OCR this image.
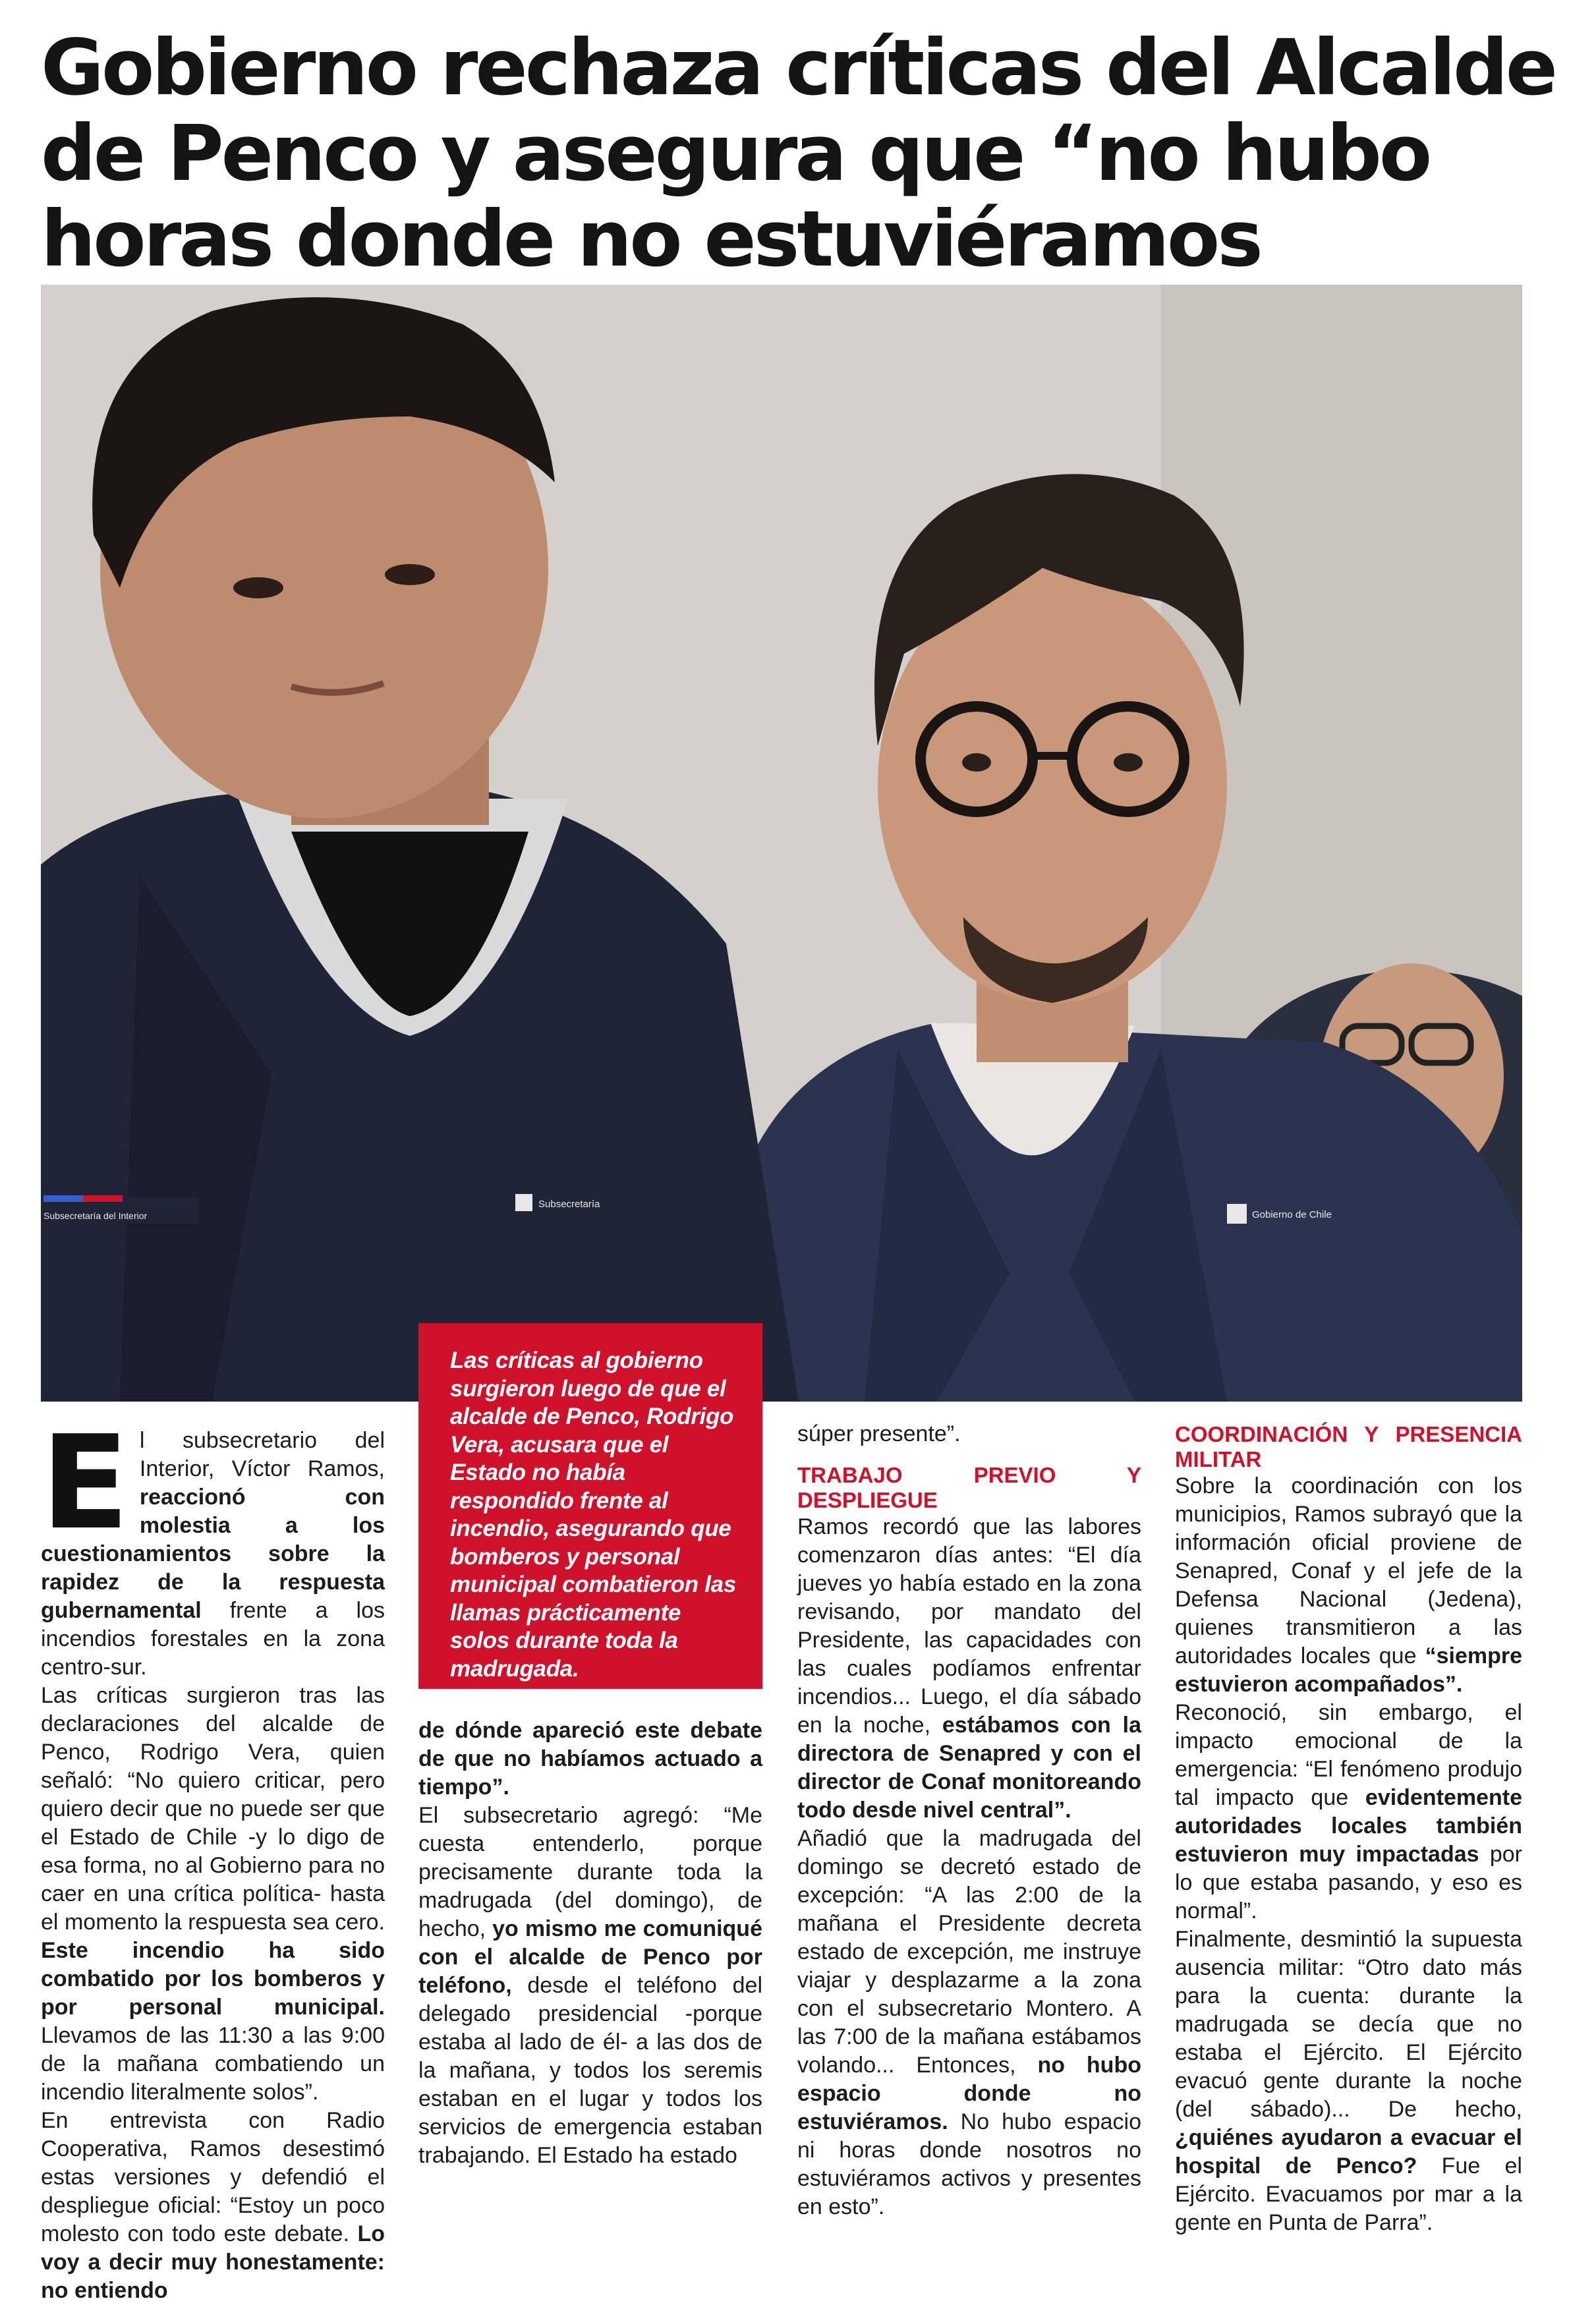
Gobierno rechaza críticas del Alcalde de Penco y asegura que “no hubo horas donde no estuviéramos
Subsecretaría del Interior
Subsecretaría
Gobierno de Chile

Las críticas al gobierno surgieron luego de que el alcalde de Penco, Rodrigo Vera, acusara que el Estado no había respondido frente al incendio, asegurando que bomberos y personal municipal combatieron las llamas prácticamente solos durante toda la madrugada.

El subsecretario del Interior, Víctor Ramos, reaccionó con molestia a los cuestionamientos sobre la rapidez de la respuesta gubernamental frente a los incendios forestales en la zona centro-sur.

Las críticas surgieron tras las declaraciones del alcalde de Penco, Rodrigo Vera, quien señaló: “No quiero criticar, pero quiero decir que no puede ser que el Estado de Chile -y lo digo de esa forma, no al Gobierno para no caer en una crítica política- hasta el momento la respuesta sea cero. Este incendio ha sido combatido por los bomberos y por personal municipal. Llevamos de las 11:30 a las 9:00 de la mañana combatiendo un incendio literalmente solos”.

En entrevista con Radio Cooperativa, Ramos desestimó estas versiones y defendió el despliegue oficial: “Estoy un poco molesto con todo este debate. Lo voy a decir muy honestamente: no entiendo

de dónde apareció este debate de que no habíamos actuado a tiempo”.

El subsecretario agregó: “Me cuesta entenderlo, porque precisamente durante toda la madrugada (del domingo), de hecho, yo mismo me comuniqué con el alcalde de Penco por teléfono, desde el teléfono del delegado presidencial -porque estaba al lado de él- a las dos de la mañana, y todos los seremis estaban en el lugar y todos los servicios de emergencia estaban trabajando. El Estado ha estado

súper presente”.

TRABAJO PREVIO Y DESPLIEGUE

Ramos recordó que las labores comenzaron días antes: “El día jueves yo había estado en la zona revisando, por mandato del Presidente, las capacidades con las cuales podíamos enfrentar incendios... Luego, el día sábado en la noche, estábamos con la directora de Senapred y con el director de Conaf monitoreando todo desde nivel central”.

Añadió que la madrugada del domingo se decretó estado de excepción: “A las 2:00 de la mañana el Presidente decreta estado de excepción, me instruye viajar y desplazarme a la zona con el subsecretario Montero. A las 7:00 de la mañana estábamos volando... Entonces, no hubo espacio donde no estuviéramos. No hubo espacio ni horas donde nosotros no estuviéramos activos y presentes en esto”.

COORDINACIÓN Y PRESENCIA MILITAR

Sobre la coordinación con los municipios, Ramos subrayó que la información oficial proviene de Senapred, Conaf y el jefe de la Defensa Nacional (Jedena), quienes transmitieron a las autoridades locales que “siempre estuvieron acompañados”.

Reconoció, sin embargo, el impacto emocional de la emergencia: “El fenómeno produjo tal impacto que evidentemente autoridades locales también estuvieron muy impactadas por lo que estaba pasando, y eso es normal”.

Finalmente, desmintió la supuesta ausencia militar: “Otro dato más para la cuenta: durante la madrugada se decía que no estaba el Ejército. El Ejército evacuó gente durante la noche (del sábado)... De hecho, ¿quiénes ayudaron a evacuar el hospital de Penco? Fue el Ejército. Evacuamos por mar a la gente en Punta de Parra”.
